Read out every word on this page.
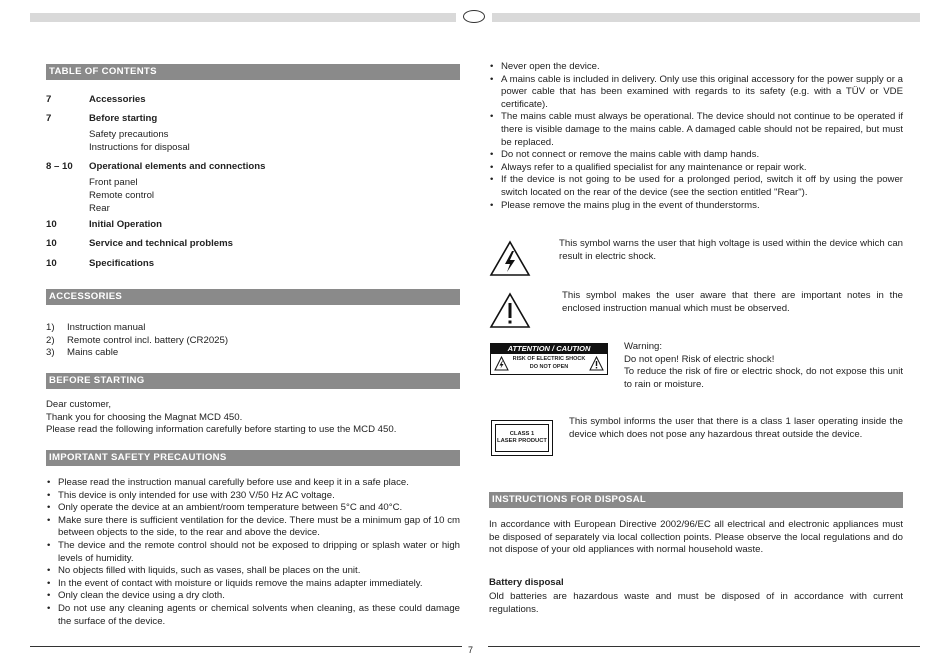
7
TABLE OF CONTENTS
7	Accessories
7	Before starting
Safety precautions
Instructions for disposal
8 – 10	Operational elements and connections
Front panel
Remote control
Rear
10	Initial Operation
10	Service and technical problems
10	Specifications
ACCESSORIES
1) Instruction manual
2) Remote control incl. battery (CR2025)
3) Mains cable
BEFORE STARTING
Dear customer,
Thank you for choosing the Magnat MCD 450.
Please read the following information carefully before starting to use the MCD 450.
IMPORTANT SAFETY PRECAUTIONS
• Please read the instruction manual carefully before use and keep it in a safe place.
• This device is only intended for use with 230 V/50 Hz AC voltage.
• Only operate the device at an ambient/room temperature between 5°C and 40°C.
• Make sure there is sufficient ventilation for the device. There must be a minimum gap of 10 cm between objects to the side, to the rear and above the device.
• The device and the remote control should not be exposed to dripping or splash water or high levels of humidity.
• No objects filled with liquids, such as vases, shall be places on the unit.
• In the event of contact with moisture or liquids remove the mains adapter immediately.
• Only clean the device using a dry cloth.
• Do not use any cleaning agents or chemical solvents when cleaning, as these could damage the surface of the device.
• Never open the device.
• A mains cable is included in delivery. Only use this original accessory for the power supply or a power cable that has been examined with regards to its safety (e.g. with a TÜV or VDE certificate).
• The mains cable must always be operational. The device should not continue to be operated if there is visible damage to the mains cable. A damaged cable should not be repaired, but must be replaced.
• Do not connect or remove the mains cable with damp hands.
• Always refer to a qualified specialist for any maintenance or repair work.
• If the device is not going to be used for a prolonged period, switch it off by using the power switch located on the rear of the device (see the section entitled "Rear").
• Please remove the mains plug in the event of thunderstorms.
This symbol warns the user that high voltage is used within the device which can result in electric shock.
This symbol makes the user aware that there are important notes in the enclosed instruction manual which must be observed.
ATTENTION / CAUTION
RISK OF ELECTRIC SHOCK
DO NOT OPEN
Warning:
Do not open! Risk of electric shock!
To reduce the risk of fire or electric shock, do not expose this unit to rain or moisture.
CLASS 1
LASER PRODUCT
This symbol informs the user that there is a class 1 laser operating inside the device which does not pose any hazardous threat outside the device.
INSTRUCTIONS FOR DISPOSAL
In accordance with European Directive 2002/96/EC all electrical and electronic appliances must be disposed of separately via local collection points. Please observe the local regulations and do not dispose of your old appliances with normal household waste.
Battery disposal
Old batteries are hazardous waste and must be disposed of in accordance with current regulations.
